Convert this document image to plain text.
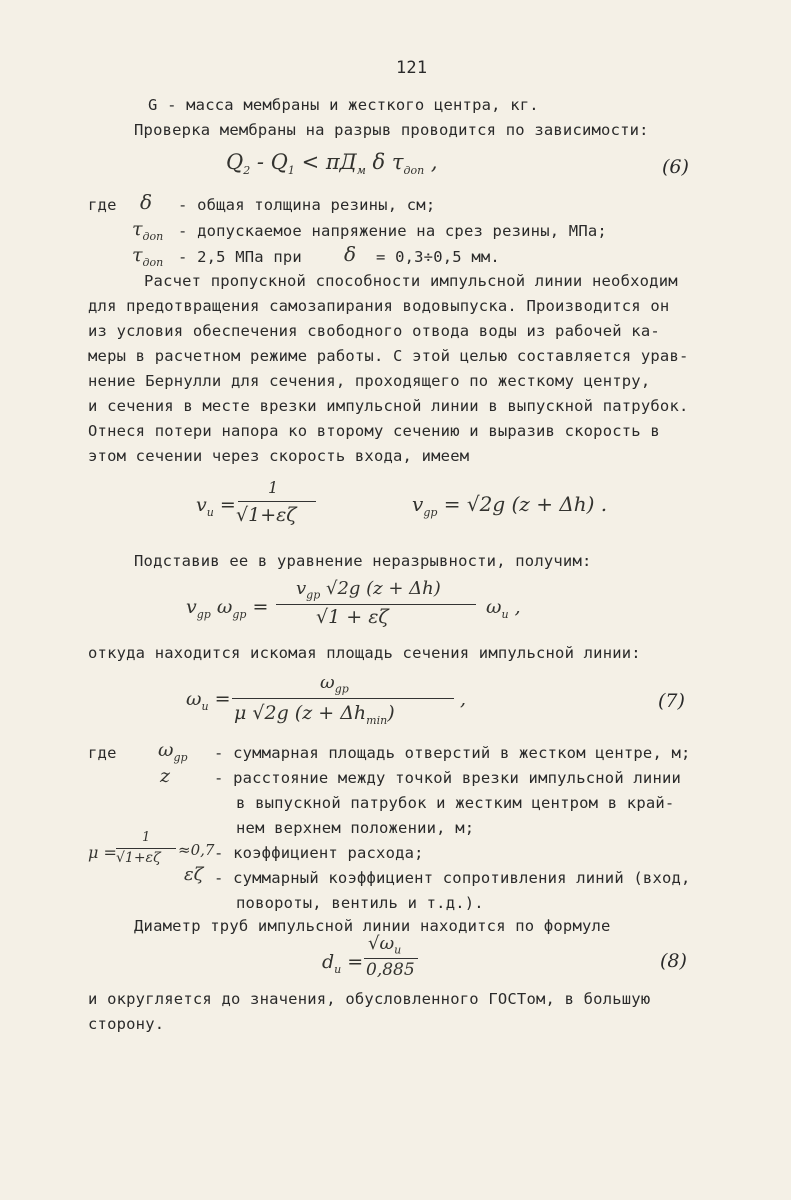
121
G - масса мембраны и жесткого центра, кг.
Проверка мембраны на разрыв проводится по зависимости:
$Q_2 - Q_1 < \pi Д_м$ δ $\tau_{доп}$ ,	(6)
где δ - общая толщина резины, см;
$\tau_{доп}$ - допускаемое напряжение на срез резины, МПа;
$\tau_{доп} - 2,5$ МПа при δ = 0,3÷0,5 мм.
Расчет пропускной способности импульсной линии необходим
для предотвращения самозапирания водовыпуска. Производится он
из условия обеспечения свободного отвода воды из рабочей ка-
меры в расчетном режиме работы. С этой целью составляется урав-
нение Бернулли для сечения, проходящего по жесткому центру,
и сечения в месте врезки импульсной линии в выпускной патрубок.
Отнеся потери напора ко второму сечению и выразив скорость в
этом сечении через скорость входа, имеем
$v_u$ =
1
√1+εζ	$v_{gp} = √2g$ (z + Δh) .
Подставив ее в уравнение неразрывности, получим:
$v_{gp}$ $\omega_{gp}$ =
$v_{gp}$ √2g (z + Δh)
√1 + εζ	$\omega_u$ ,
откуда находится искомая площадь сечения импульсной линии:
$\omega_u$ =
$\omega_{gp}$
μ √2g $(z + \Delta h_{min})$
,	(7)
где $\omega_{gp}$ - суммарная площадь отверстий в жестком центре, м;
z	- расстояние между точкой врезки импульсной линии
в выпускной патрубок и жестким центром в край-
нем верхнем положении, м;
μ =
1
√1+εζ ≈0,7 - коэффициент расхода;
εζ - суммарный коэффициент сопротивления линий (вход,
повороты, вентиль и т.д.).
Диаметр труб импульсной линии находится по формуле
$d_u$ =
$√\omega_u$
0,885	(8)
и округляется до значения, обусловленного ГОСТом, в большую
сторону.
